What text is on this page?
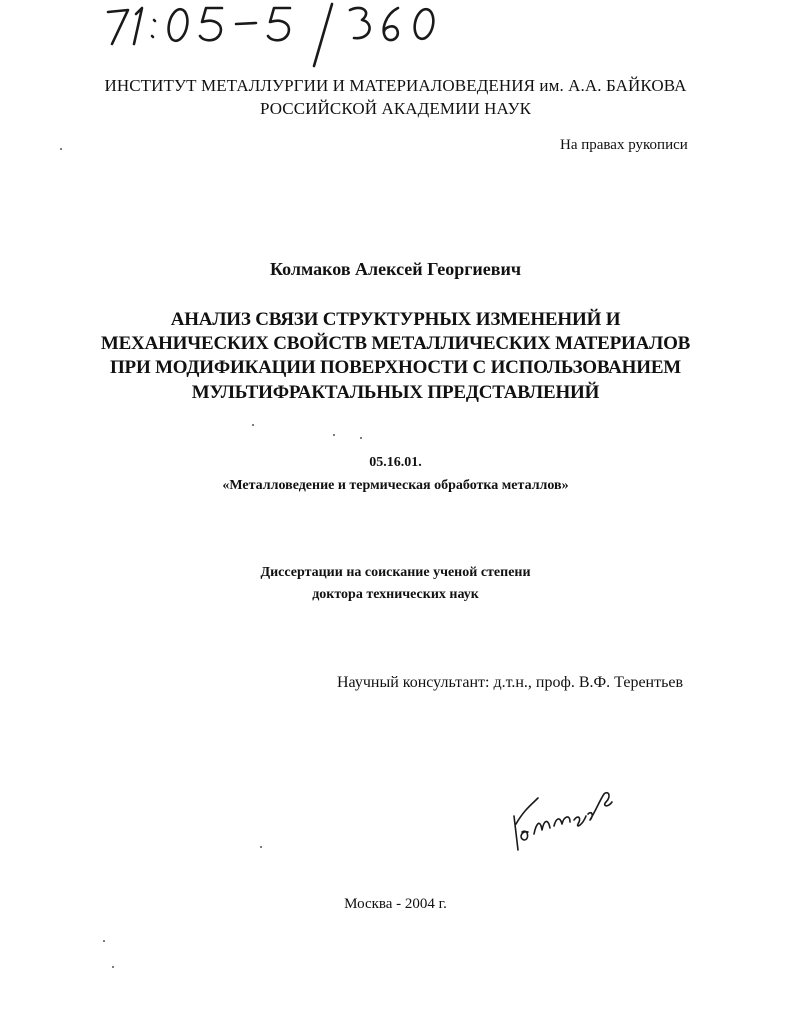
ИНСТИТУТ МЕТАЛЛУРГИИ И МАТЕРИАЛОВЕДЕНИЯ им. А.А. БАЙКОВА
РОССИЙСКОЙ АКАДЕМИИ НАУК
На правах рукописи
Колмаков Алексей Георгиевич
АНАЛИЗ СВЯЗИ СТРУКТУРНЫХ ИЗМЕНЕНИЙ И
МЕХАНИЧЕСКИХ СВОЙСТВ МЕТАЛЛИЧЕСКИХ МАТЕРИАЛОВ
ПРИ МОДИФИКАЦИИ ПОВЕРХНОСТИ С ИСПОЛЬЗОВАНИЕМ
МУЛЬТИФРАКТАЛЬНЫХ ПРЕДСТАВЛЕНИЙ
05.16.01.
«Металловедение и термическая обработка металлов»
Диссертации на соискание ученой степени
доктора технических наук
Научный консультант: д.т.н., проф. В.Ф. Терентьев
Москва - 2004 г.
